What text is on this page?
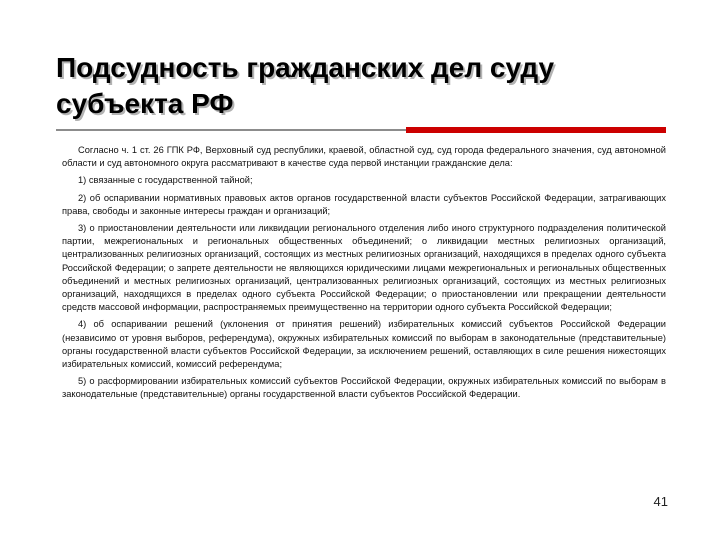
Подсудность гражданских дел суду
субъекта РФ

Согласно ч. 1 ст. 26 ГПК РФ, Верховный суд республики, краевой, областной суд, суд города федерального значения, суд автономной области и суд автономного округа рассматривают в качестве суда первой инстанции гражданские дела:

1) связанные с государственной тайной;

2) об оспаривании нормативных правовых актов органов государственной власти субъектов Российской Федерации, затрагивающих права, свободы и законные интересы граждан и организаций;

3) о приостановлении деятельности или ликвидации регионального отделения либо иного структурного подразделения политической партии, межрегиональных и региональных общественных объединений; о ликвидации местных религиозных организаций, централизованных религиозных организаций, состоящих из местных религиозных организаций, находящихся в пределах одного субъекта Российской Федерации; о запрете деятельности не являющихся юридическими лицами межрегиональных и региональных общественных объединений и местных религиозных организаций, централизованных религиозных организаций, состоящих из местных религиозных организаций, находящихся в пределах одного субъекта Российской Федерации; о приостановлении или прекращении деятельности средств массовой информации, распространяемых преимущественно на территории одного субъекта Российской Федерации;

4) об оспаривании решений (уклонения от принятия решений) избирательных комиссий субъектов Российской Федерации (независимо от уровня выборов, референдума), окружных избирательных комиссий по выборам в законодательные (представительные) органы государственной власти субъектов Российской Федерации, за исключением решений, оставляющих в силе решения нижестоящих избирательных комиссий, комиссий референдума;

5) о расформировании избирательных комиссий субъектов Российской Федерации, окружных избирательных комиссий по выборам в законодательные (представительные) органы государственной власти субъектов Российской Федерации.

41
